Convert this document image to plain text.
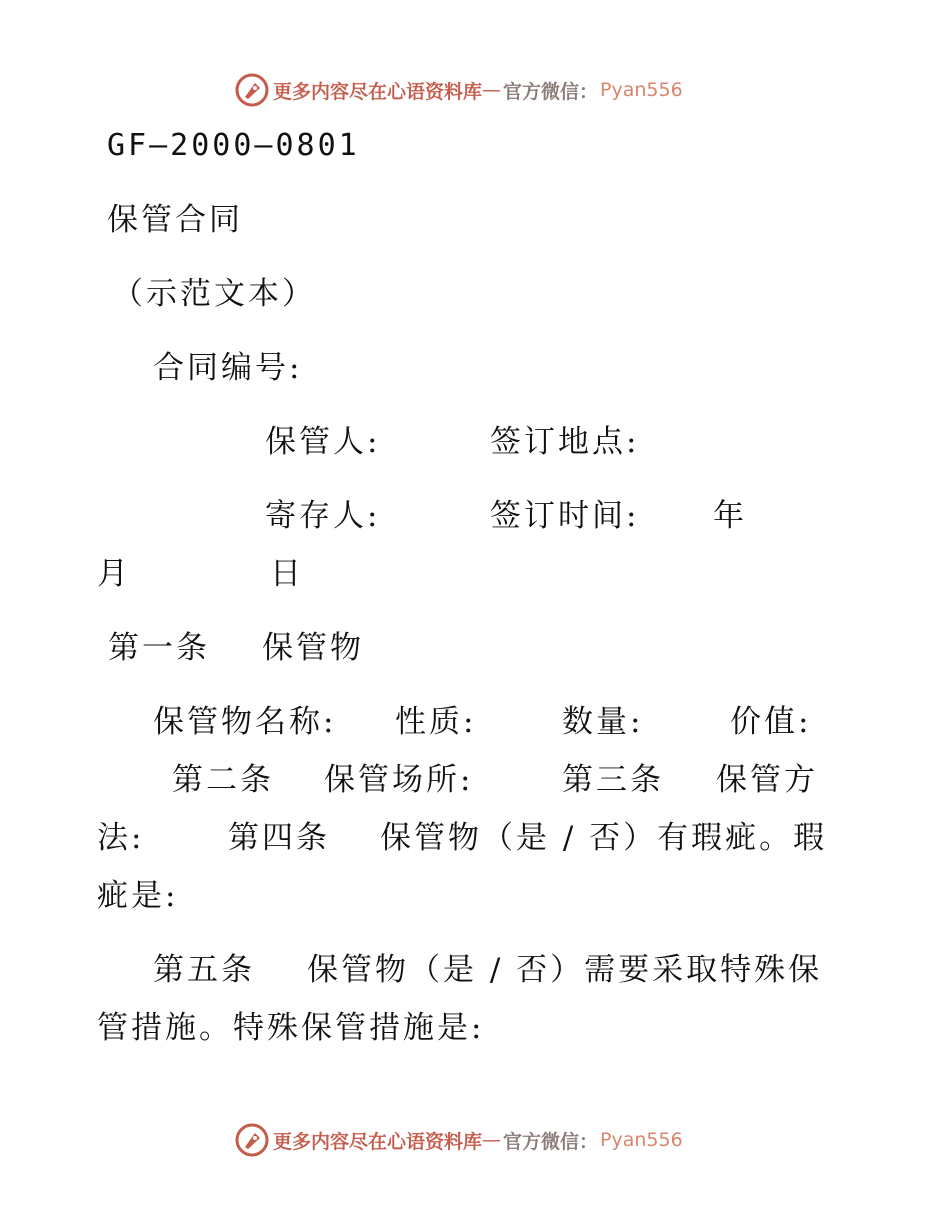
更多内容尽在心语资料库 — 官方微信： Pyan556
GF—2000—0801
保管合同
（示范文本）
合同编号:
保管人:	签订地点:
寄存人:	签订时间: 年
月	日
第一条 保管物
保管物名称: 性质:	数量:	价值:
第二条 保管场所:	第三条 保管方
法:	第四条 保管物（是 / 否）有瑕疵。瑕
疵是:
第五条 保管物（是 / 否）需要采取特殊保
管措施。特殊保管措施是:
更多内容尽在心语资料库 — 官方微信： Pyan556
